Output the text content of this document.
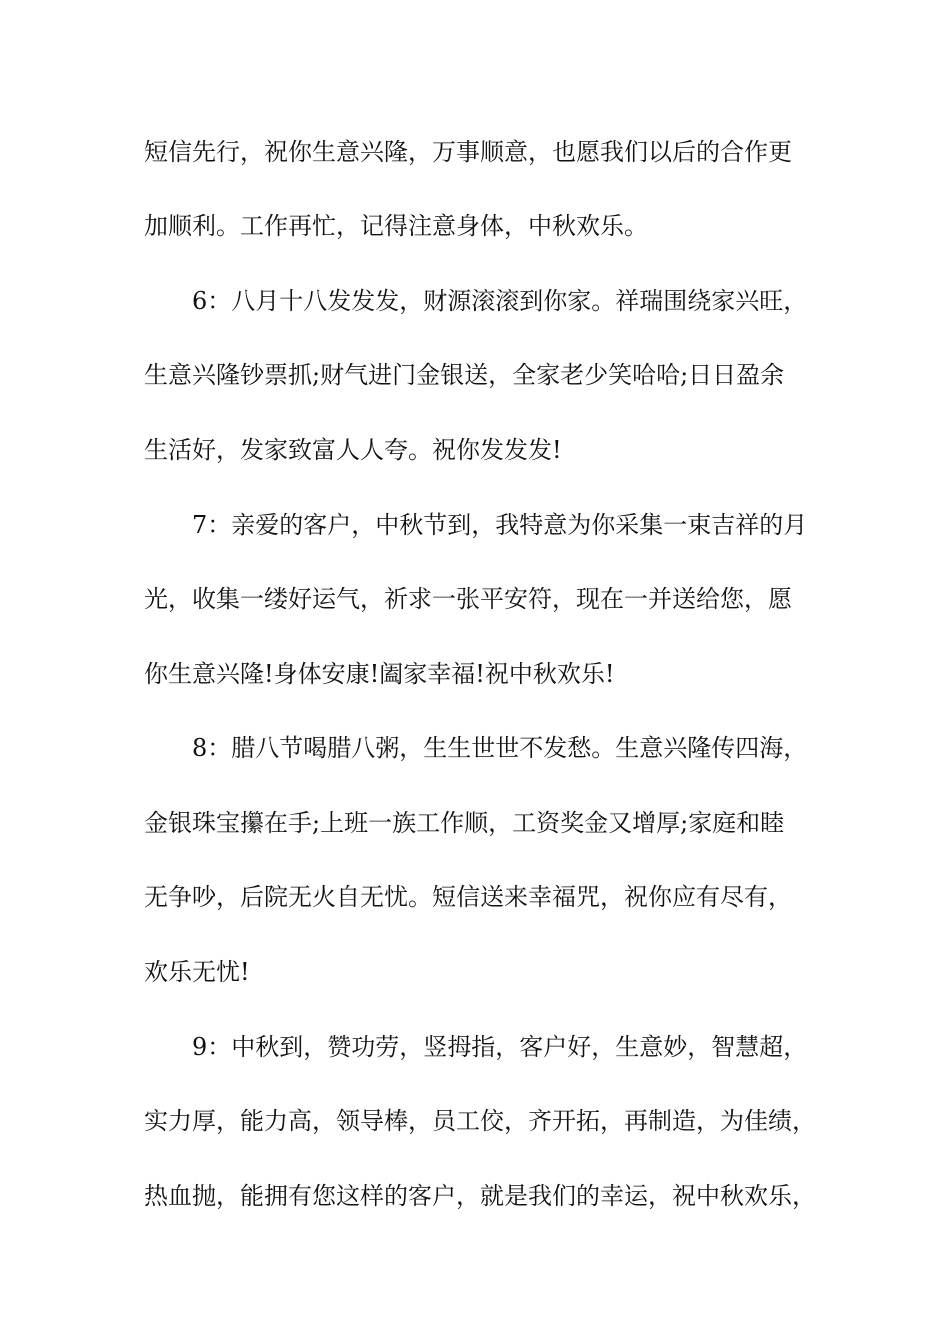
短信先行，祝你生意兴隆，万事顺意，也愿我们以后的合作更
加顺利。工作再忙，记得注意身体，中秋欢乐。
6：八月十八发发发，财源滚滚到你家。祥瑞围绕家兴旺，
生意兴隆钞票抓;财气进门金银送，全家老少笑哈哈;日日盈余
生活好，发家致富人人夸。祝你发发发!
7：亲爱的客户，中秋节到，我特意为你采集一束吉祥的月
光，收集一缕好运气，祈求一张平安符，现在一并送给您，愿
你生意兴隆!身体安康!阖家幸福!祝中秋欢乐!
8：腊八节喝腊八粥，生生世世不发愁。生意兴隆传四海，
金银珠宝攥在手;上班一族工作顺，工资奖金又增厚;家庭和睦
无争吵，后院无火自无忧。短信送来幸福咒，祝你应有尽有，
欢乐无忧!
9：中秋到，赞功劳，竖拇指，客户好，生意妙，智慧超，
实力厚，能力高，领导棒，员工佼，齐开拓，再制造，为佳绩，
热血抛，能拥有您这样的客户，就是我们的幸运，祝中秋欢乐，
